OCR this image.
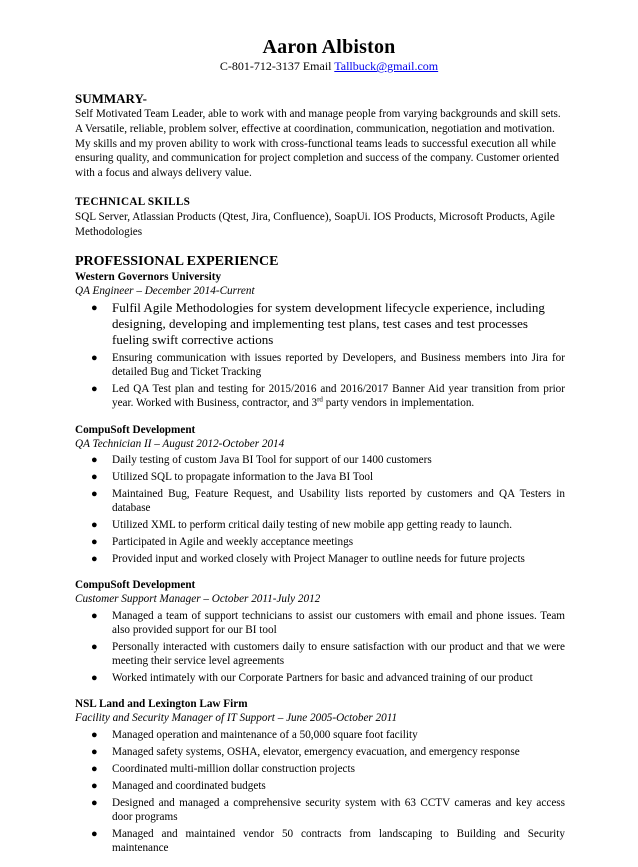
Aaron Albiston
C-801-712-3137 Email Tallbuck@gmail.com
SUMMARY-
Self Motivated Team Leader, able to work with and manage people from varying backgrounds and skill sets. A Versatile, reliable, problem solver, effective at coordination, communication, negotiation and motivation. My skills and my proven ability to work with cross-functional teams leads to successful execution all while ensuring quality, and communication for project completion and success of the company. Customer oriented with a focus and always delivery value.
TECHNICAL SKILLS
SQL Server, Atlassian Products (Qtest, Jira, Confluence), SoapUi. IOS Products, Microsoft Products, Agile Methodologies
PROFESSIONAL EXPERIENCE
Western Governors University
QA Engineer – December 2014-Current
● Fulfil Agile Methodologies for system development lifecycle experience, including designing, developing and implementing test plans, test cases and test processes fueling swift corrective actions
● Ensuring communication with issues reported by Developers, and Business members into Jira for detailed Bug and Ticket Tracking
● Led QA Test plan and testing for 2015/2016 and 2016/2017 Banner Aid year transition from prior year. Worked with Business, contractor, and 3rd party vendors in implementation.
CompuSoft Development
QA Technician II – August 2012-October 2014
● Daily testing of custom Java BI Tool for support of our 1400 customers
● Utilized SQL to propagate information to the Java BI Tool
● Maintained Bug, Feature Request, and Usability lists reported by customers and QA Testers in database
● Utilized XML to perform critical daily testing of new mobile app getting ready to launch.
● Participated in Agile and weekly acceptance meetings
● Provided input and worked closely with Project Manager to outline needs for future projects
CompuSoft Development
Customer Support Manager – October 2011-July 2012
● Managed a team of support technicians to assist our customers with email and phone issues. Team also provided support for our BI tool
● Personally interacted with customers daily to ensure satisfaction with our product and that we were meeting their service level agreements
● Worked intimately with our Corporate Partners for basic and advanced training of our product
NSL Land and Lexington Law Firm
Facility and Security Manager of IT Support – June 2005-October 2011
● Managed operation and maintenance of a 50,000 square foot facility
● Managed safety systems, OSHA, elevator, emergency evacuation, and emergency response
● Coordinated multi-million dollar construction projects
● Managed and coordinated budgets
● Designed and managed a comprehensive security system with 63 CCTV cameras and key access door programs
● Managed and maintained vendor 50 contracts from landscaping to Building and Security maintenance
